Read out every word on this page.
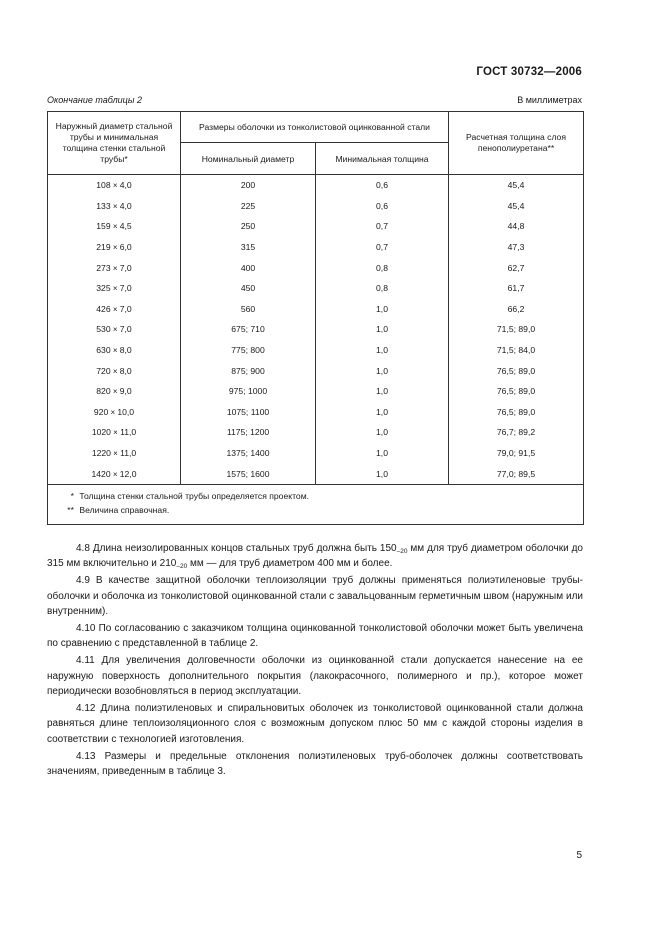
ГОСТ 30732—2006
Окончание таблицы 2	В миллиметрах
Наружный диаметр стальной трубы и минимальная толщина стенки стальной трубы*	Размеры оболочки из тонколистовой оцинкованной стали		Расчетная толщина слоя пенополиуретана**
	Номинальный диаметр	Минимальная толщина	
108 × 4,0	200	0,6	45,4
133 × 4,0	225	0,6	45,4
159 × 4,5	250	0,7	44,8
219 × 6,0	315	0,7	47,3
273 × 7,0	400	0,8	62,7
325 × 7,0	450	0,8	61,7
426 × 7,0	560	1,0	66,2
530 × 7,0	675; 710	1,0	71,5; 89,0
630 × 8,0	775; 800	1,0	71,5; 84,0
720 × 8,0	875; 900	1,0	76,5; 89,0
820 × 9,0	975; 1000	1,0	76,5; 89,0
920 × 10,0	1075; 1100	1,0	76,5; 89,0
1020 × 11,0	1175; 1200	1,0	76,7; 89,2
1220 × 11,0	1375; 1400	1,0	79,0; 91,5
1420 × 12,0	1575; 1600	1,0	77,0; 89,5

* Толщина стенки стальной трубы определяется проектом.
** Величина справочная.			

4.8 Длина неизолированных концов стальных труб должна быть $150_{-20}$ мм для труб диаметром оболочки до 315 мм включительно и $210_{-20}$ мм — для труб диаметром 400 мм и более.

4.9 В качестве защитной оболочки теплоизоляции труб должны применяться полиэтиленовые трубы-оболочки и оболочка из тонколистовой оцинкованной стали с завальцованным герметичным швом (наружным или внутренним).

4.10 По согласованию с заказчиком толщина оцинкованной тонколистовой оболочки может быть увеличена по сравнению с представленной в таблице 2.

4.11 Для увеличения долговечности оболочки из оцинкованной стали допускается нанесение на ее наружную поверхность дополнительного покрытия (лакокрасочного, полимерного и пр.), которое может периодически возобновляться в период эксплуатации.

4.12 Длина полиэтиленовых и спиральновитых оболочек из тонколистовой оцинкованной стали должна равняться длине теплоизоляционного слоя с возможным допуском плюс 50 мм с каждой стороны изделия в соответствии с технологией изготовления.

4.13 Размеры и предельные отклонения полиэтиленовых труб-оболочек должны соответствовать значениям, приведенным в таблице 3.

5
